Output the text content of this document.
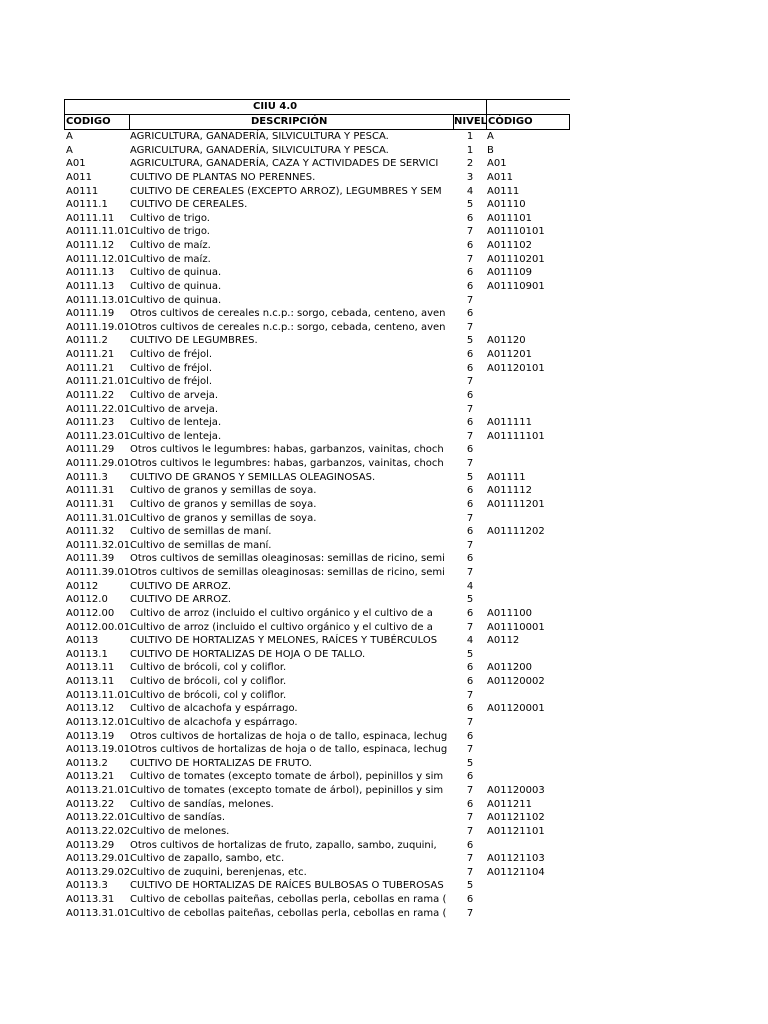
CIIU 4.0
CODIGO	DESCRIPCIÓN	NIVEL CÓDIGO
A	AGRICULTURA, GANADERÍA, SILVICULTURA Y PESCA.	1	A
A	AGRICULTURA, GANADERÍA, SILVICULTURA Y PESCA.	1	B
A01	AGRICULTURA, GANADERÍA, CAZA Y ACTIVIDADES DE SERVICI	2	A01
A011	CULTIVO DE PLANTAS NO PERENNES.	3	A011
A0111	CULTIVO DE CEREALES (EXCEPTO ARROZ), LEGUMBRES Y SEM	4	A0111
A0111.1	CULTIVO DE CEREALES.	5	A01110
A0111.11	Cultivo de trigo.	6	A011101
A0111.11.01 Cultivo de trigo.	7	A01110101
A0111.12	Cultivo de maíz.	6	A011102
A0111.12.01 Cultivo de maíz.	7	A01110201
A0111.13	Cultivo de quinua.	6	A011109
A0111.13	Cultivo de quinua.	6	A01110901
A0111.13.01 Cultivo de quinua.	7
A0111.19	Otros cultivos de cereales n.c.p.: sorgo, cebada, centeno, aven	6
A0111.19.01 Otros cultivos de cereales n.c.p.: sorgo, cebada, centeno, aven	7
A0111.2	CULTIVO DE LEGUMBRES.	5	A01120
A0111.21	Cultivo de fréjol.	6	A011201
A0111.21	Cultivo de fréjol.	6	A01120101
A0111.21.01 Cultivo de fréjol.	7
A0111.22	Cultivo de arveja.	6
A0111.22.01 Cultivo de arveja.	7
A0111.23	Cultivo de lenteja.	6	A011111
A0111.23.01 Cultivo de lenteja.	7	A01111101
A0111.29	Otros cultivos le legumbres: habas, garbanzos, vainitas, choch	6
A0111.29.01 Otros cultivos le legumbres: habas, garbanzos, vainitas, choch	7
A0111.3	CULTIVO DE GRANOS Y SEMILLAS OLEAGINOSAS.	5	A01111
A0111.31	Cultivo de granos y semillas de soya.	6	A011112
A0111.31	Cultivo de granos y semillas de soya.	6	A01111201
A0111.31.01 Cultivo de granos y semillas de soya.	7
A0111.32	Cultivo de semillas de maní.	6	A01111202
A0111.32.01 Cultivo de semillas de maní.	7
A0111.39	Otros cultivos de semillas oleaginosas: semillas de ricino, semi	6
A0111.39.01 Otros cultivos de semillas oleaginosas: semillas de ricino, semi	7
A0112	CULTIVO DE ARROZ.	4
A0112.0	CULTIVO DE ARROZ.	5
A0112.00	Cultivo de arroz (incluido el cultivo orgánico y el cultivo de a	6	A011100
A0112.00.01 Cultivo de arroz (incluido el cultivo orgánico y el cultivo de a	7	A01110001
A0113	CULTIVO DE HORTALIZAS Y MELONES, RAÍCES Y TUBÉRCULOS	4	A0112
A0113.1	CULTIVO DE HORTALIZAS DE HOJA O DE TALLO.	5
A0113.11	Cultivo de brócoli, col y coliflor.	6	A011200
A0113.11	Cultivo de brócoli, col y coliflor.	6	A01120002
A0113.11.01 Cultivo de brócoli, col y coliflor.	7
A0113.12	Cultivo de alcachofa y espárrago.	6	A01120001
A0113.12.01 Cultivo de alcachofa y espárrago.	7
A0113.19	Otros cultivos de hortalizas de hoja o de tallo, espinaca, lechug	6
A0113.19.01 Otros cultivos de hortalizas de hoja o de tallo, espinaca, lechug	7
A0113.2	CULTIVO DE HORTALIZAS DE FRUTO.	5
A0113.21	Cultivo de tomates (excepto tomate de árbol), pepinillos y sim	6
A0113.21.01 Cultivo de tomates (excepto tomate de árbol), pepinillos y sim	7	A01120003
A0113.22	Cultivo de sandías, melones.	6	A011211
A0113.22.01 Cultivo de sandías.	7	A01121102
A0113.22.02 Cultivo de melones.	7	A01121101
A0113.29	Otros cultivos de hortalizas de fruto, zapallo, sambo, zuquini,	6
A0113.29.01 Cultivo de zapallo, sambo, etc.	7	A01121103
A0113.29.02 Cultivo de zuquini, berenjenas, etc.	7	A01121104
A0113.3	CULTIVO DE HORTALIZAS DE RAÍCES BULBOSAS O TUBEROSAS	5
A0113.31	Cultivo de cebollas paiteñas, cebollas perla, cebollas en rama (	6
A0113.31.01 Cultivo de cebollas paiteñas, cebollas perla, cebollas en rama (	7
